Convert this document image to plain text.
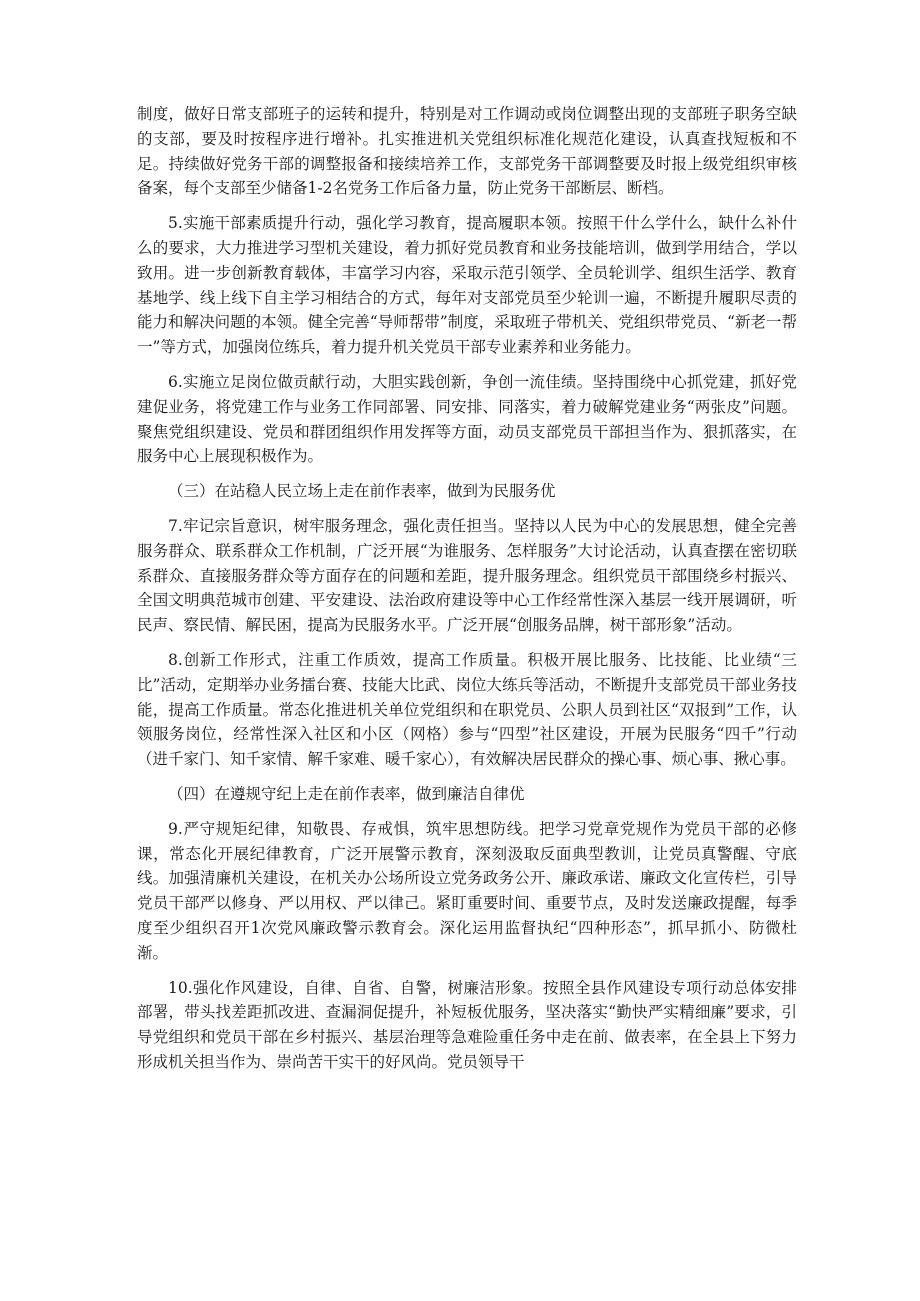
制度，做好日常支部班子的运转和提升，特别是对工作调动或岗位调整出现的支部班子职务空缺的支部，要及时按程序进行增补。扎实推进机关党组织标准化规范化建设，认真查找短板和不足。持续做好党务干部的调整报备和接续培养工作，支部党务干部调整要及时报上级党组织审核备案，每个支部至少储备1-2名党务工作后备力量，防止党务干部断层、断档。

5.实施干部素质提升行动，强化学习教育，提高履职本领。按照干什么学什么，缺什么补什么的要求，大力推进学习型机关建设，着力抓好党员教育和业务技能培训，做到学用结合，学以致用。进一步创新教育载体，丰富学习内容，采取示范引领学、全员轮训学、组织生活学、教育基地学、线上线下自主学习相结合的方式，每年对支部党员至少轮训一遍，不断提升履职尽责的能力和解决问题的本领。健全完善“导师帮带”制度，采取班子带机关、党组织带党员、“新老一帮一”等方式，加强岗位练兵，着力提升机关党员干部专业素养和业务能力。

6.实施立足岗位做贡献行动，大胆实践创新，争创一流佳绩。坚持围绕中心抓党建，抓好党建促业务，将党建工作与业务工作同部署、同安排、同落实，着力破解党建业务“两张皮”问题。聚焦党组织建设、党员和群团组织作用发挥等方面，动员支部党员干部担当作为、狠抓落实，在服务中心上展现积极作为。

（三）在站稳人民立场上走在前作表率，做到为民服务优

7.牢记宗旨意识，树牢服务理念，强化责任担当。坚持以人民为中心的发展思想，健全完善服务群众、联系群众工作机制，广泛开展“为谁服务、怎样服务”大讨论活动，认真查摆在密切联系群众、直接服务群众等方面存在的问题和差距，提升服务理念。组织党员干部围绕乡村振兴、全国文明典范城市创建、平安建设、法治政府建设等中心工作经常性深入基层一线开展调研，听民声、察民情、解民困，提高为民服务水平。广泛开展“创服务品牌，树干部形象”活动。

8.创新工作形式，注重工作质效，提高工作质量。积极开展比服务、比技能、比业绩“三比”活动，定期举办业务擂台赛、技能大比武、岗位大练兵等活动，不断提升支部党员干部业务技能，提高工作质量。常态化推进机关单位党组织和在职党员、公职人员到社区“双报到”工作，认领服务岗位，经常性深入社区和小区（网格）参与“四型”社区建设，开展为民服务“四千”行动（进千家门、知千家情、解千家难、暖千家心），有效解决居民群众的操心事、烦心事、揪心事。

（四）在遵规守纪上走在前作表率，做到廉洁自律优

9.严守规矩纪律，知敬畏、存戒惧，筑牢思想防线。把学习党章党规作为党员干部的必修课，常态化开展纪律教育，广泛开展警示教育，深刻汲取反面典型教训，让党员真警醒、守底线。加强清廉机关建设，在机关办公场所设立党务政务公开、廉政承诺、廉政文化宣传栏，引导党员干部严以修身、严以用权、严以律己。紧盯重要时间、重要节点，及时发送廉政提醒，每季度至少组织召开1次党风廉政警示教育会。深化运用监督执纪“四种形态”，抓早抓小、防微杜渐。

10.强化作风建设，自律、自省、自警，树廉洁形象。按照全县作风建设专项行动总体安排部署，带头找差距抓改进、查漏洞促提升，补短板优服务，坚决落实“勤快严实精细廉”要求，引导党组织和党员干部在乡村振兴、基层治理等急难险重任务中走在前、做表率，在全县上下努力形成机关担当作为、崇尚苦干实干的好风尚。党员领导干
